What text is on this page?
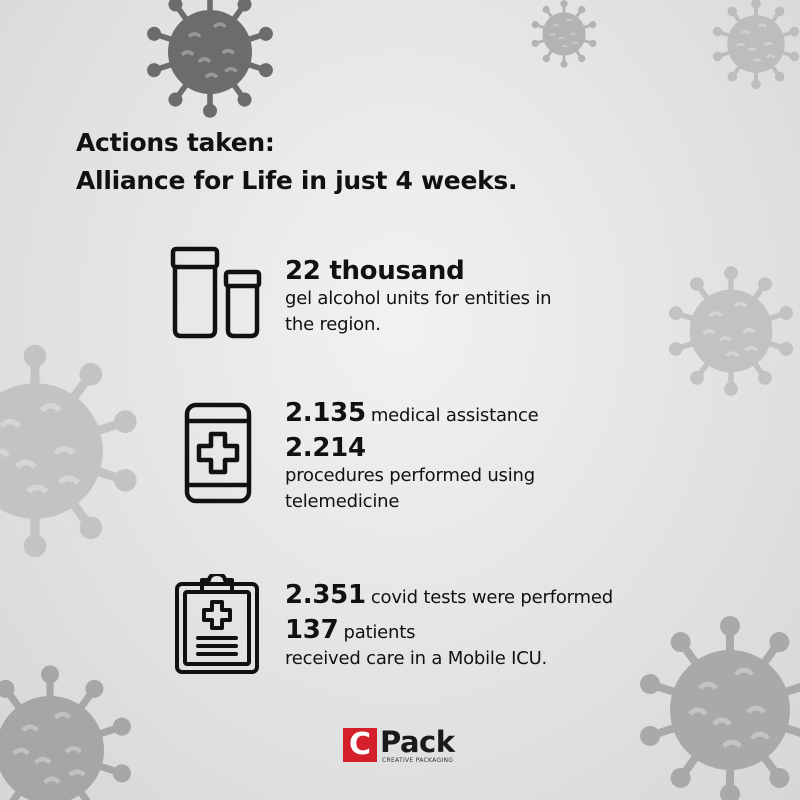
Actions taken:
Alliance for Life in just 4 weeks.
22 thousand
gel alcohol units for entities in
the region.
2.135 medical assistance
2.214
procedures performed using
telemedicine
2.351 covid tests were performed
137 patients
received care in a Mobile ICU.
C Pack
CREATIVE PACKAGING
